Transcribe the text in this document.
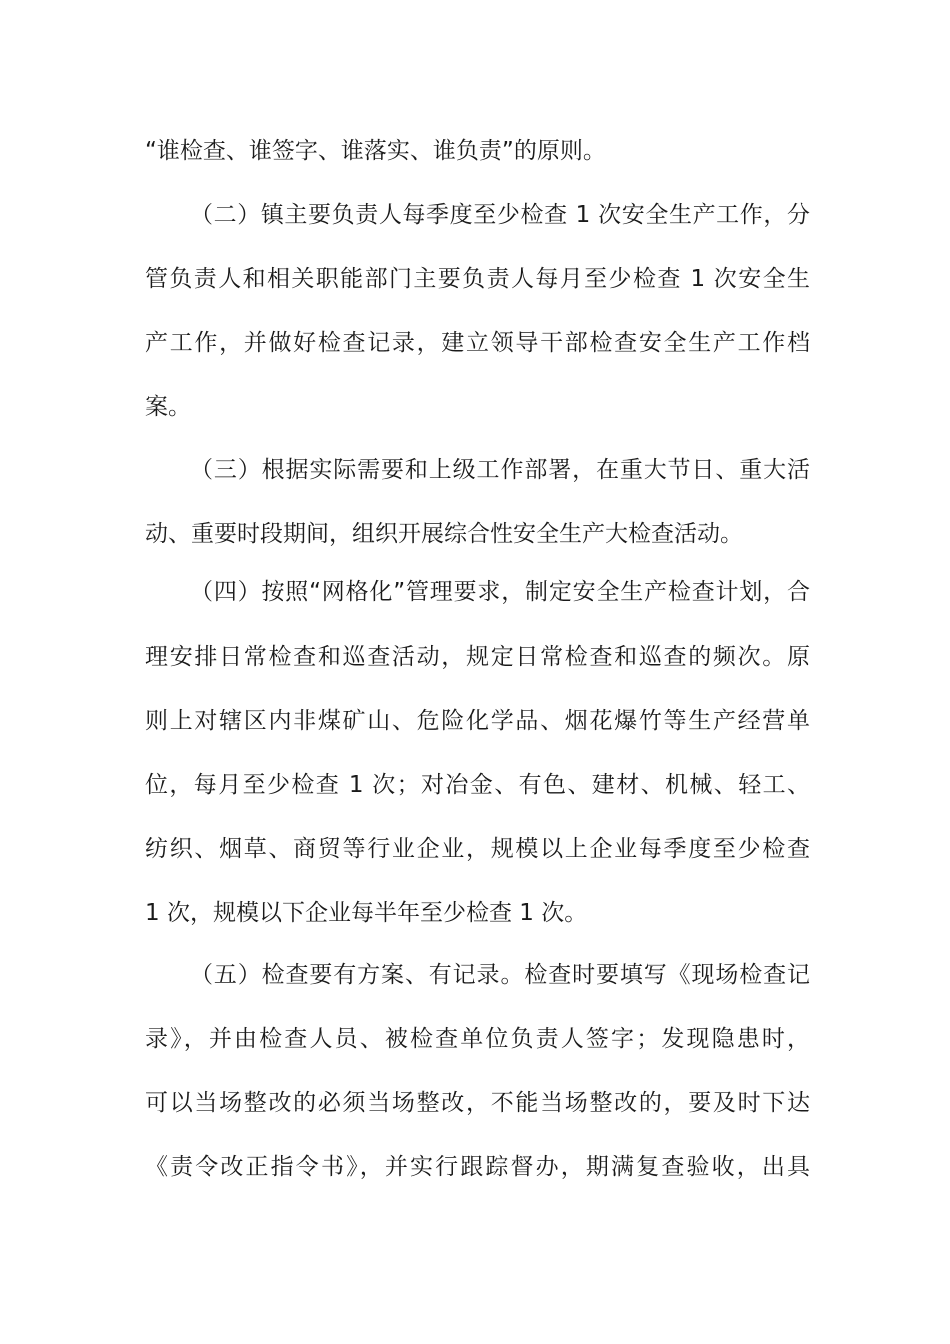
“谁检查、谁签字、谁落实、谁负责”的原则。
（二）镇主要负责人每季度至少检查 1 次安全生产工作，分
管负责人和相关职能部门主要负责人每月至少检查 1 次安全生
产工作，并做好检查记录，建立领导干部检查安全生产工作档
案。
（三）根据实际需要和上级工作部署，在重大节日、重大活
动、重要时段期间，组织开展综合性安全生产大检查活动。
（四）按照“网格化”管理要求，制定安全生产检查计划，合
理安排日常检查和巡查活动，规定日常检查和巡查的频次。原
则上对辖区内非煤矿山、危险化学品、烟花爆竹等生产经营单
位，每月至少检查 1 次；对冶金、有色、建材、机械、轻工、
纺织、烟草、商贸等行业企业，规模以上企业每季度至少检查
1 次，规模以下企业每半年至少检查 1 次。
（五）检查要有方案、有记录。检查时要填写《现场检查记
录》，并由检查人员、被检查单位负责人签字；发现隐患时，
可以当场整改的必须当场整改，不能当场整改的，要及时下达
《责令改正指令书》，并实行跟踪督办，期满复查验收，出具
